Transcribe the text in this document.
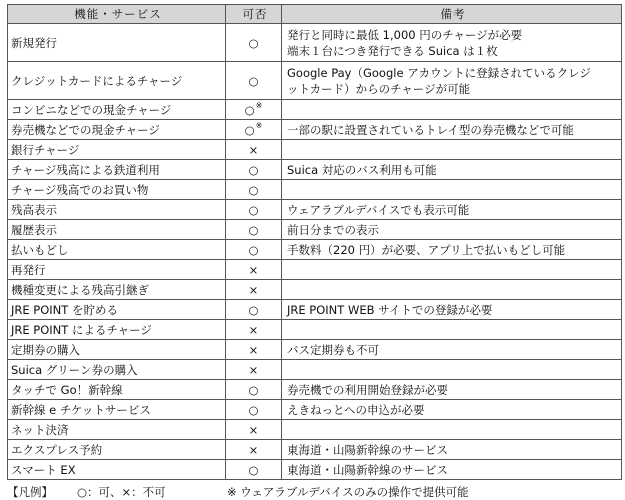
機能・サービス	可否	備考
新規発行	○	発行と同時に最低 1,000 円のチャージが必要
端末１台につき発行できる Suica は１枚

クレジットカードによるチャージ	○	Google Pay（Google アカウントに登録されているクレジ
ットカード）からのチャージが可能

コンビニなどでの現金チャージ	○※	

券売機などでの現金チャージ	○※	一部の駅に設置されているトレイ型の券売機などで可能

銀行チャージ	×	

チャージ残高による鉄道利用	○	Suica 対応のバス利用も可能

チャージ残高でのお買い物	○	

残高表示	○	ウェアラブルデバイスでも表示可能

履歴表示	○	前日分までの表示

払いもどし	○	手数料（220 円）が必要、アプリ上で払いもどし可能

再発行	×	

機種変更による残高引継ぎ	×	

JRE POINT を貯める	○	JRE POINT WEB サイトでの登録が必要

JRE POINT によるチャージ	×	

定期券の購入	×	バス定期券も不可

Suica グリーン券の購入	×	

タッチで Go！新幹線	○	券売機での利用開始登録が必要

新幹線 e チケットサービス	○	えきねっとへの申込が必要

ネット決済	×	

エクスプレス予約	×	東海道・山陽新幹線のサービス

スマート EX	○	東海道・山陽新幹線のサービス
【凡例】 ○：可、×：不可	※ ウェアラブルデバイスのみの操作で提供可能
